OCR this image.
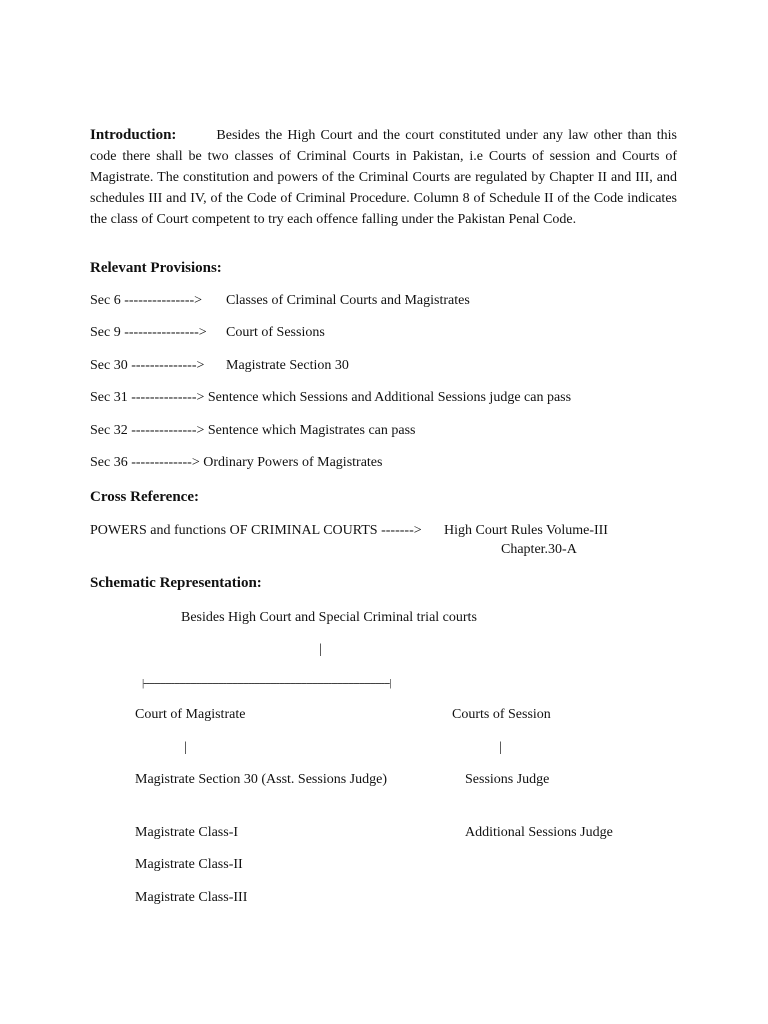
Introduction:	Besides the High Court and the court constituted under any law other than this code there shall be two classes of Criminal Courts in Pakistan, i.e Courts of session and Courts of Magistrate. The constitution and powers of the Criminal Courts are regulated by Chapter II and III, and schedules III and IV, of the Code of Criminal Procedure. Column 8 of Schedule II of the Code indicates the class of Court competent to try each offence falling under the Pakistan Penal Code.
Relevant Provisions:
Sec 6 ---------------> Classes of Criminal Courts and Magistrates
Sec 9 ----------------> Court of Sessions
Sec 30 --------------> Magistrate Section 30
Sec 31 --------------> Sentence which Sessions and Additional Sessions judge can pass
Sec 32 --------------> Sentence which Magistrates can pass
Sec 36 -------------> Ordinary Powers of Magistrates
Cross Reference:
POWERS and functions OF CRIMINAL COURTS -------> High Court Rules Volume-III
Chapter.30-A
Schematic Representation:
Besides High Court and Special Criminal trial courts
|
|-----------------------------------------------------------------------------------------|
Court of Magistrate	Courts of Session
|	|
Magistrate Section 30 (Asst. Sessions Judge)	Sessions Judge
Magistrate Class-I	Additional Sessions Judge
Magistrate Class-II
Magistrate Class-III
